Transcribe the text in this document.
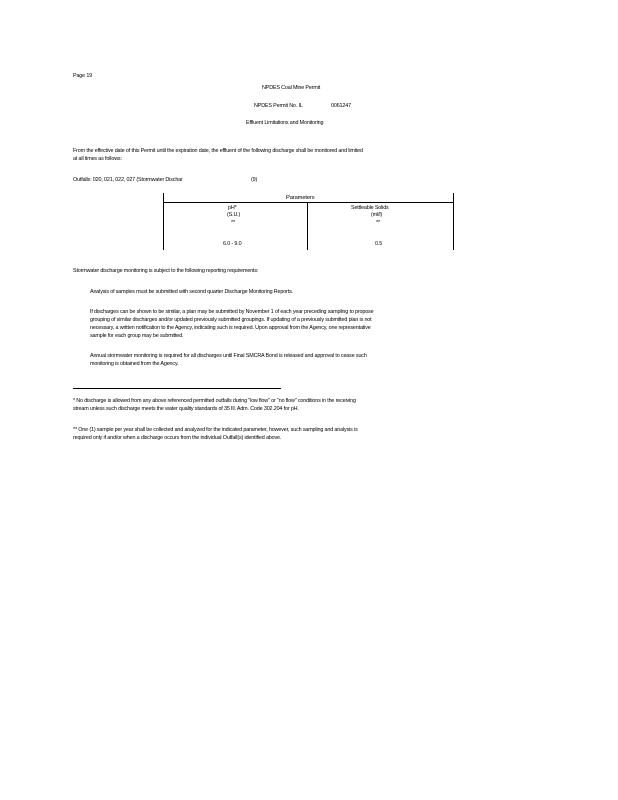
Page 19
NPDES Coal Mine Permit
NPDES Permit No. IL	0061247
Effluent Limitations and Monitoring
From the effective date of this Permit until the expiration date, the effluent of the following discharge shall be monitored and limited
at all times as follows:
Outfalls: 020, 021, 022, 027 (Stormwater Dischar	(9)
Parameters
pH*
(S.U.)
**
6.0 - 9.0
Settleable Solids
(ml/l)
**
0.5
Stormwater discharge monitoring is subject to the following reporting requirements:
Analysis of samples must be submitted with second quarter Discharge Monitoring Reports.
If discharges can be shown to be similar, a plan may be submitted by November 1 of each year preceding sampling to propose
grouping of similar discharges and/or updated previously submitted groupings. If updating of a previously submitted plan is not
necessary, a written notification to the Agency, indicating such is required. Upon approval from the Agency, one representative
sample for each group may be submitted.
Annual stormwater monitoring is required for all discharges until Final SMCRA Bond is released and approval to cease such
monitoring is obtained from the Agency.
* No discharge is allowed from any above referenced permitted outfalls during "low flow" or "no flow" conditions in the receiving
stream unless such discharge meets the water quality standards of 35 Ill. Adm. Code 302.204 for pH.
** One (1) sample per year shall be collected and analyzed for the indicated parameter, however, such sampling and analysis is
required only if and/or when a discharge occurs from the individual Outfall(s) identified above.
